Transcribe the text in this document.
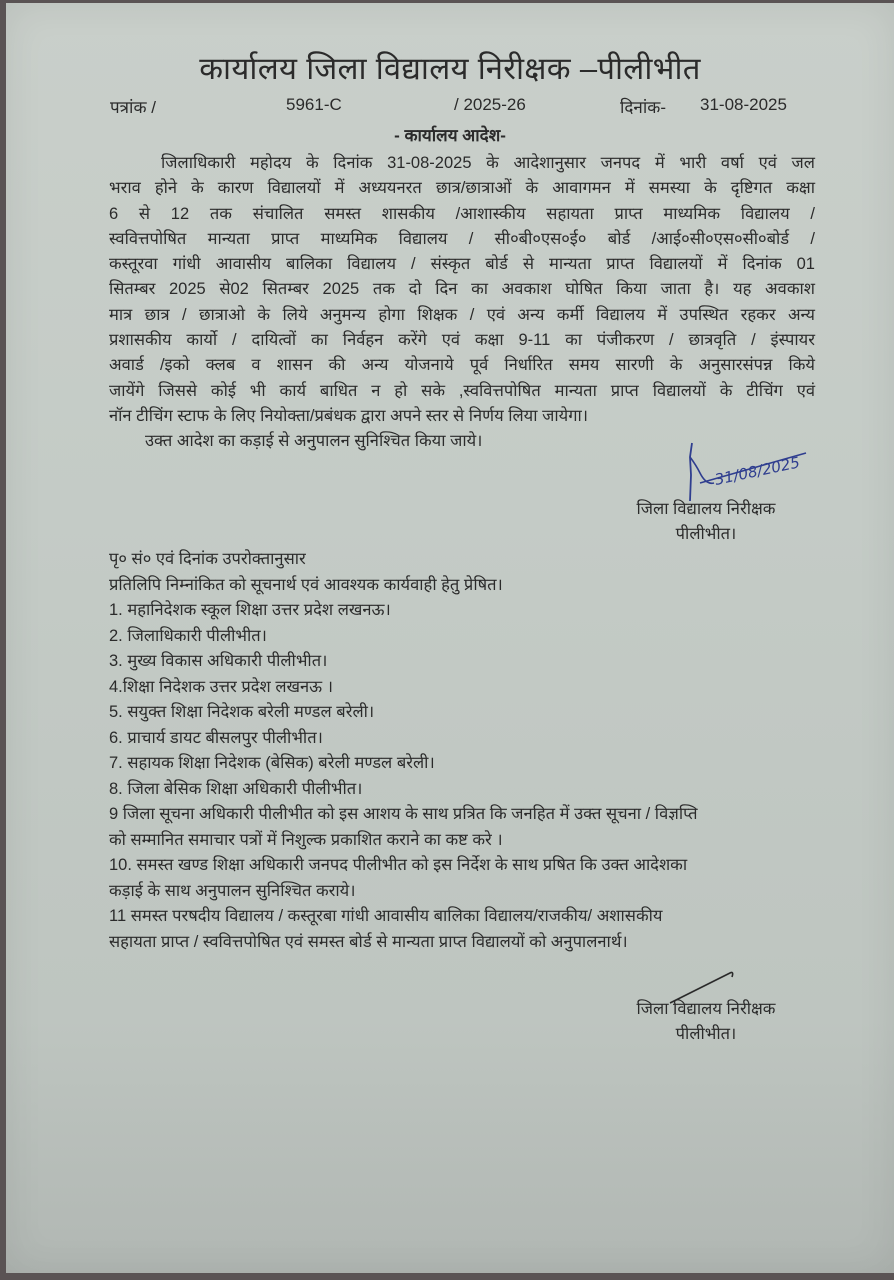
कार्यालय जिला विद्यालय निरीक्षक –पीलीभीत
पत्रांक /	5961-C	/ 2025-26	दिनांक- 31-08-2025
- कार्यालय आदेश-
जिलाधिकारी महोदय के दिनांक 31-08-2025 के आदेशानुसार जनपद में भारी वर्षा एवं जल
भराव होने के कारण विद्यालयों में अध्ययनरत छात्र/छात्राओं के आवागमन में समस्या के दृष्टिगत कक्षा
6 से 12 तक संचालित समस्त शासकीय /आशास्कीय सहायता प्राप्त माध्यमिक विद्यालय /
स्ववित्तपोषित मान्यता प्राप्त माध्यमिक विद्यालय / सी०बी०एस०ई० बोर्ड /आई०सी०एस०सी०बोर्ड /
कस्तूरवा गांधी आवासीय बालिका विद्यालय / संस्कृत बोर्ड से मान्यता प्राप्त विद्यालयों में दिनांक 01
सितम्बर 2025 से02 सितम्बर 2025 तक दो दिन का अवकाश घोषित किया जाता है। यह अवकाश
मात्र छात्र / छात्राओ के लिये अनुमन्य होगा शिक्षक / एवं अन्य कर्मी विद्यालय में उपस्थित रहकर अन्य
प्रशासकीय कार्यो / दायित्वों का निर्वहन करेंगे एवं कक्षा 9-11 का पंजीकरण / छात्रवृति / इंस्पायर
अवार्ड /इको क्लब व शासन की अन्य योजनाये पूर्व निर्धारित समय सारणी के अनुसारसंपन्न किये
जायेंगे जिससे कोई भी कार्य बाधित न हो सके ,स्ववित्तपोषित मान्यता प्राप्त विद्यालयों के टीचिंग एवं
नॉन टीचिंग स्टाफ के लिए नियोक्ता/प्रबंधक द्वारा अपने स्तर से निर्णय लिया जायेगा।
उक्त आदेश का कड़ाई से अनुपालन सुनिश्चित किया जाये।
31/08/2025
जिला विद्यालय निरीक्षक
पीलीभीत।
पृ० सं० एवं दिनांक उपरोक्तानुसार
प्रतिलिपि निम्नांकित को सूचनार्थ एवं आवश्यक कार्यवाही हेतु प्रेषित।
1. महानिदेशक स्कूल शिक्षा उत्तर प्रदेश लखनऊ।
2. जिलाधिकारी पीलीभीत।
3. मुख्य विकास अधिकारी पीलीभीत।
4.शिक्षा निदेशक उत्तर प्रदेश लखनऊ ।
5. सयुक्त शिक्षा निदेशक बरेली मण्डल बरेली।
6. प्राचार्य डायट बीसलपुर पीलीभीत।
7. सहायक शिक्षा निदेशक (बेसिक) बरेली मण्डल बरेली।
8. जिला बेसिक शिक्षा अधिकारी पीलीभीत।
9 जिला सूचना अधिकारी पीलीभीत को इस आशय के साथ प्रत्रित कि जनहित में उक्त सूचना / विज्ञप्ति
को सम्मानित समाचार पत्रों में निशुल्क प्रकाशित कराने का कष्ट करे ।
10. समस्त खण्ड शिक्षा अधिकारी जनपद पीलीभीत को इस निर्देश के साथ प्रषित कि उक्त आदेशका
कड़ाई के साथ अनुपालन सुनिश्चित कराये।
11 समस्त परषदीय विद्यालय / कस्तूरबा गांधी आवासीय बालिका विद्यालय/राजकीय/ अशासकीय
सहायता प्राप्त / स्ववित्तपोषित एवं समस्त बोर्ड से मान्यता प्राप्त विद्यालयों को अनुपालनार्थ।
जिला विद्यालय निरीक्षक
पीलीभीत।
